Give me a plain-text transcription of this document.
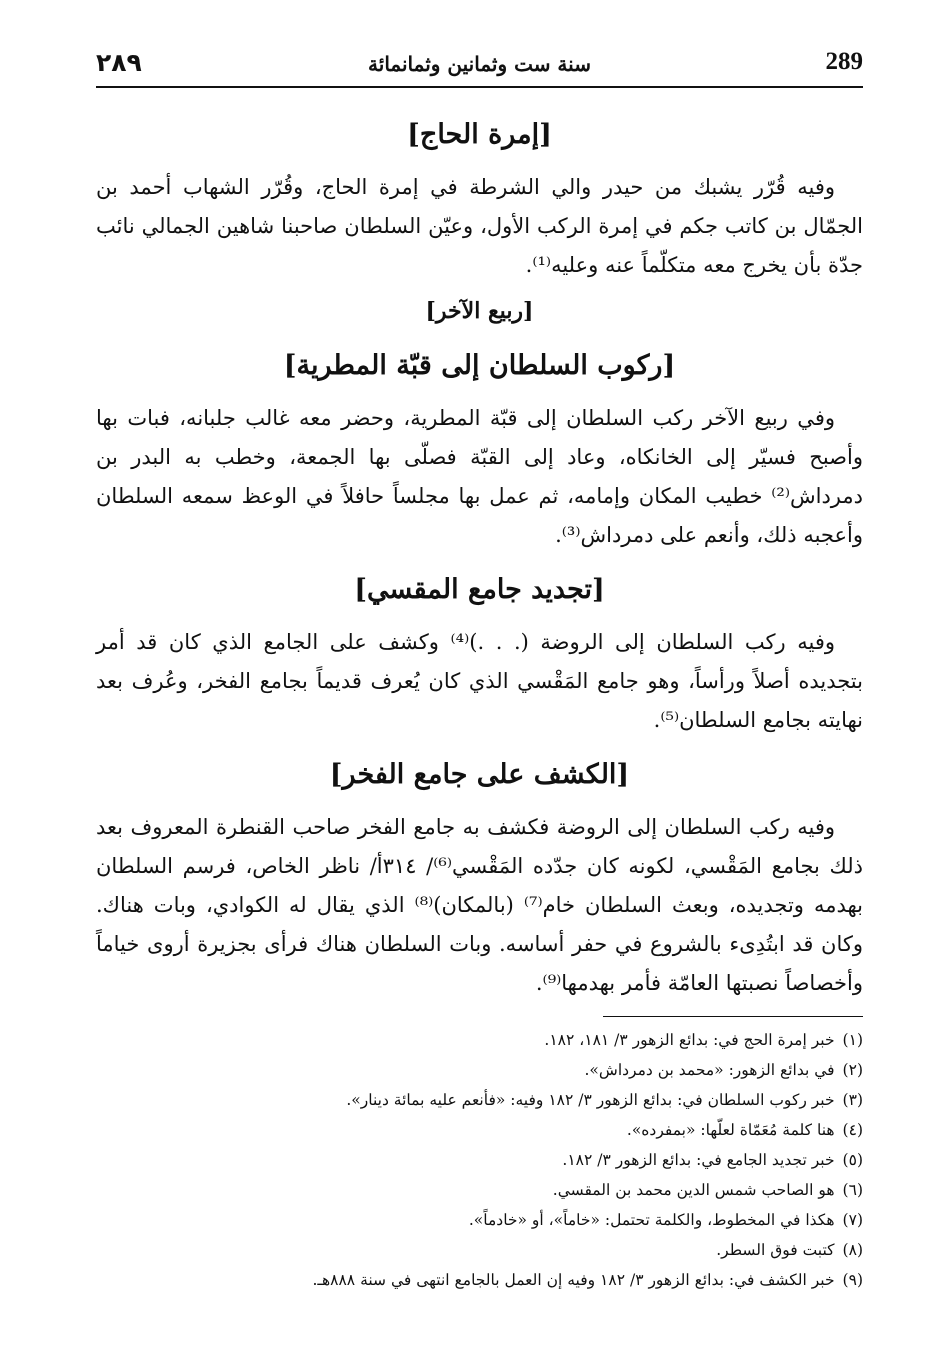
٢٨٩	سنة ست وثمانين وثمانمائة	289
[إمرة الحاج]

وفيه قُرّر يشبك من حيدر والي الشرطة في إمرة الحاج، وقُرّر الشهاب أحمد بن الجمّال بن كاتب جكم في إمرة الركب الأول، وعيّن السلطان صاحبنا شاهين الجمالي نائب جدّة بأن يخرج معه متكلّماً عنه وعليه⁽¹⁾.

[ربيع الآخر]
[ركوب السلطان إلى قبّة المطرية]

وفي ربيع الآخر ركب السلطان إلى قبّة المطرية، وحضر معه غالب جلبانه، فبات بها وأصبح فسيّر إلى الخانكاه، وعاد إلى القبّة فصلّى بها الجمعة، وخطب به البدر بن دمرداش⁽²⁾ خطيب المكان وإمامه، ثم عمل بها مجلساً حافلاً في الوعظ سمعه السلطان وأعجبه ذلك، وأنعم على دمرداش⁽³⁾.

[تجديد جامع المقسي]

وفيه ركب السلطان إلى الروضة (. . .)⁽⁴⁾ وكشف على الجامع الذي كان قد أمر بتجديده أصلاً ورأساً، وهو جامع المَقْسي الذي كان يُعرف قديماً بجامع الفخر، وعُرف بعد نهايته بجامع السلطان⁽⁵⁾.

[الكشف على جامع الفخر]

وفيه ركب السلطان إلى الروضة فكشف به جامع الفخر صاحب القنطرة المعروف بعد ذلك بجامع المَقْسي، لكونه كان جدّده المَقْسي⁽⁶⁾/ ٣١٤أ/ ناظر الخاص، فرسم السلطان بهدمه وتجديده، وبعث السلطان خام⁽⁷⁾ (بالمكان)⁽⁸⁾ الذي يقال له الكوادي، وبات هناك. وكان قد ابتُدِىء بالشروع في حفر أساسه. وبات السلطان هناك فرأى بجزيرة أروى خياماً وأخصاصاً نصبتها العامّة فأمر بهدمها⁽⁹⁾.

(١)
خبر إمرة الحج في: بدائع الزهور ٣/ ١٨١، ١٨٢.
(٢)
في بدائع الزهور: «محمد بن دمرداش».
(٣)
خبر ركوب السلطان في: بدائع الزهور ٣/ ١٨٢ وفيه: «فأنعم عليه بمائة دينار».
(٤)
هنا كلمة مُعَمّاة لعلّها: «بمفرده».
(٥)
خبر تجديد الجامع في: بدائع الزهور ٣/ ١٨٢.
(٦)
هو الصاحب شمس الدين محمد بن المقسي.
(٧)
هكذا في المخطوط، والكلمة تحتمل: «خاماً»، أو «خادماً».
(٨)
كتبت فوق السطر.
(٩)
خبر الكشف في: بدائع الزهور ٣/ ١٨٢ وفيه إن العمل بالجامع انتهى في سنة ٨٨٨هـ.
